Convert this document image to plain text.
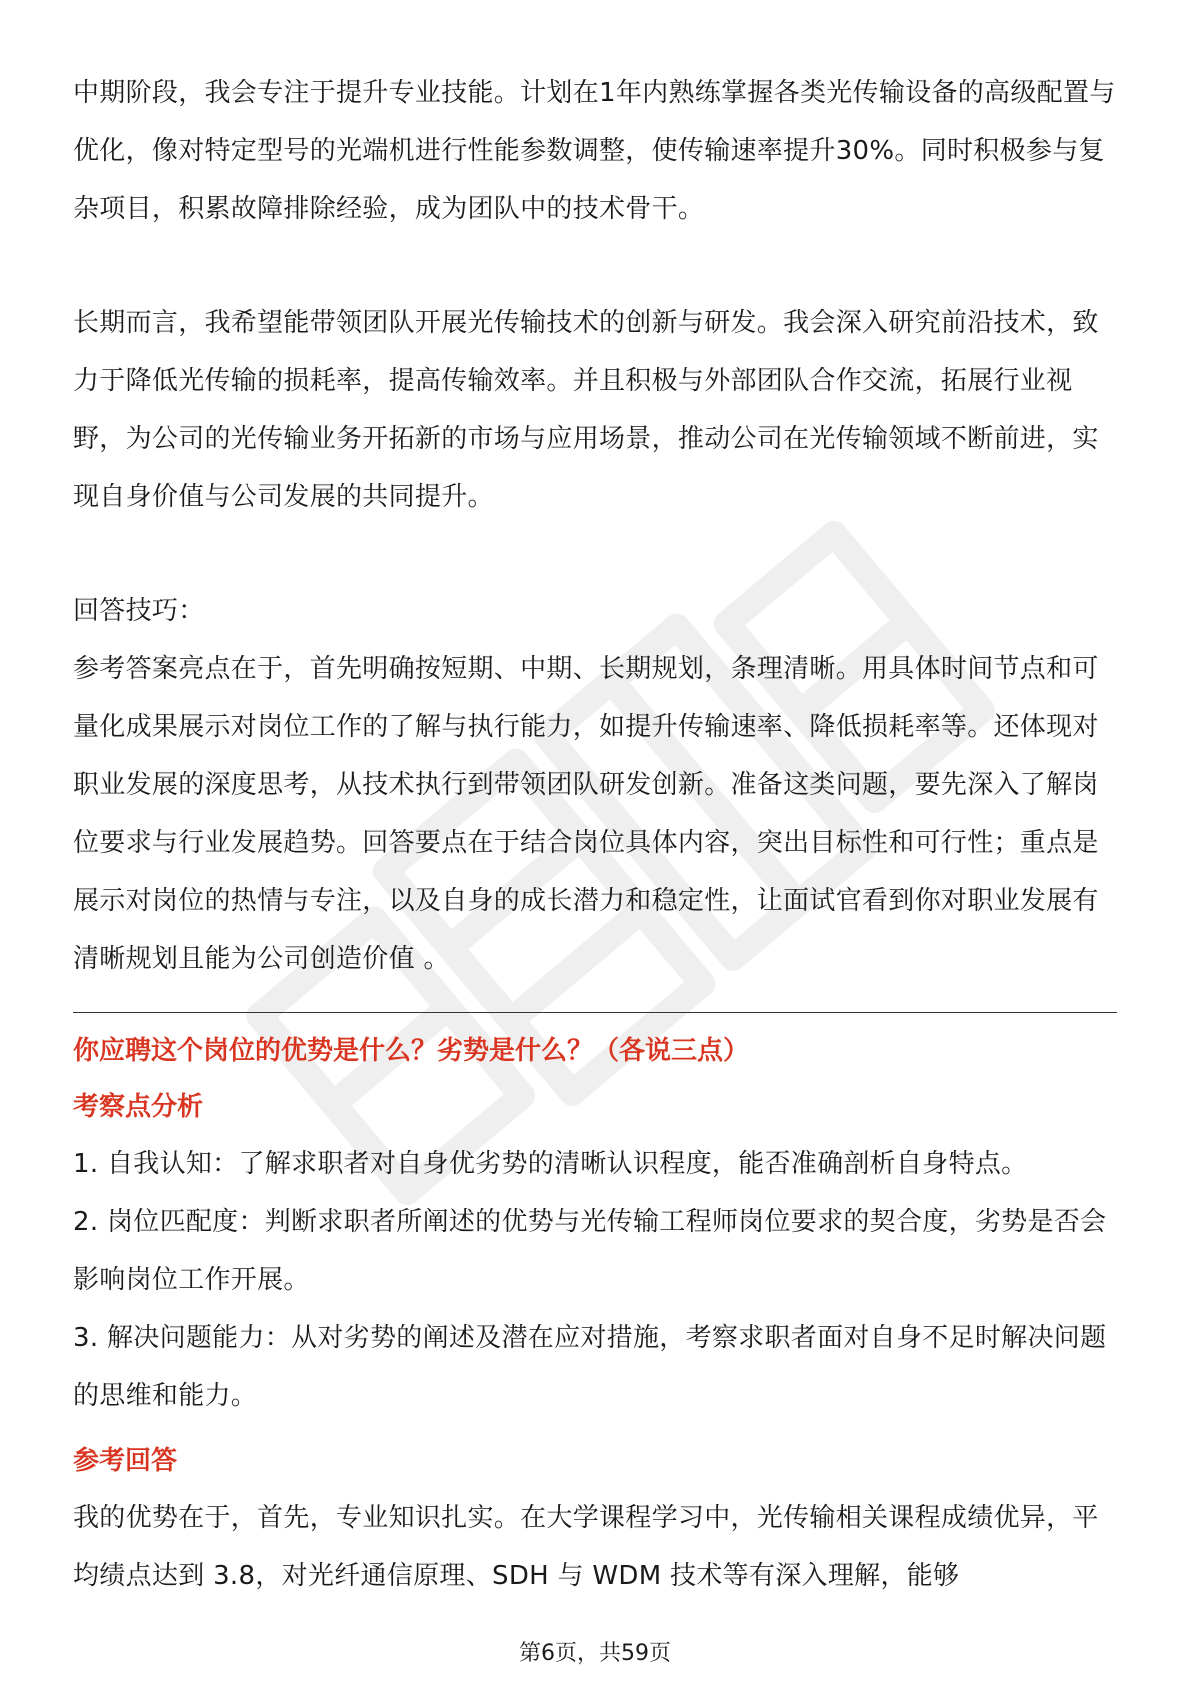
中期阶段，我会专注于提升专业技能。计划在1年内熟练掌握各类光传输设备的高级配置与优化，像对特定型号的光端机进行性能参数调整，使传输速率提升30%。同时积极参与复杂项目，积累故障排除经验，成为团队中的技术骨干。

长期而言，我希望能带领团队开展光传输技术的创新与研发。我会深入研究前沿技术，致力于降低光传输的损耗率，提高传输效率。并且积极与外部团队合作交流，拓展行业视野，为公司的光传输业务开拓新的市场与应用场景，推动公司在光传输领域不断前进，实现自身价值与公司发展的共同提升。

回答技巧：

参考答案亮点在于，首先明确按短期、中期、长期规划，条理清晰。用具体时间节点和可量化成果展示对岗位工作的了解与执行能力，如提升传输速率、降低损耗率等。还体现对职业发展的深度思考，从技术执行到带领团队研发创新。准备这类问题，要先深入了解岗位要求与行业发展趋势。回答要点在于结合岗位具体内容，突出目标性和可行性；重点是展示对岗位的热情与专注，以及自身的成长潜力和稳定性，让面试官看到你对职业发展有清晰规划且能为公司创造价值 。

你应聘这个岗位的优势是什么？劣势是什么？（各说三点）

考察点分析

1. 自我认知：了解求职者对自身优劣势的清晰认识程度，能否准确剖析自身特点。

2. 岗位匹配度：判断求职者所阐述的优势与光传输工程师岗位要求的契合度，劣势是否会影响岗位工作开展。

3. 解决问题能力：从对劣势的阐述及潜在应对措施，考察求职者面对自身不足时解决问题的思维和能力。

参考回答

我的优势在于，首先，专业知识扎实。在大学课程学习中，光传输相关课程成绩优异，平均绩点达到 3.8，对光纤通信原理、SDH 与 WDM 技术等有深入理解，能够

第6页，共59页
